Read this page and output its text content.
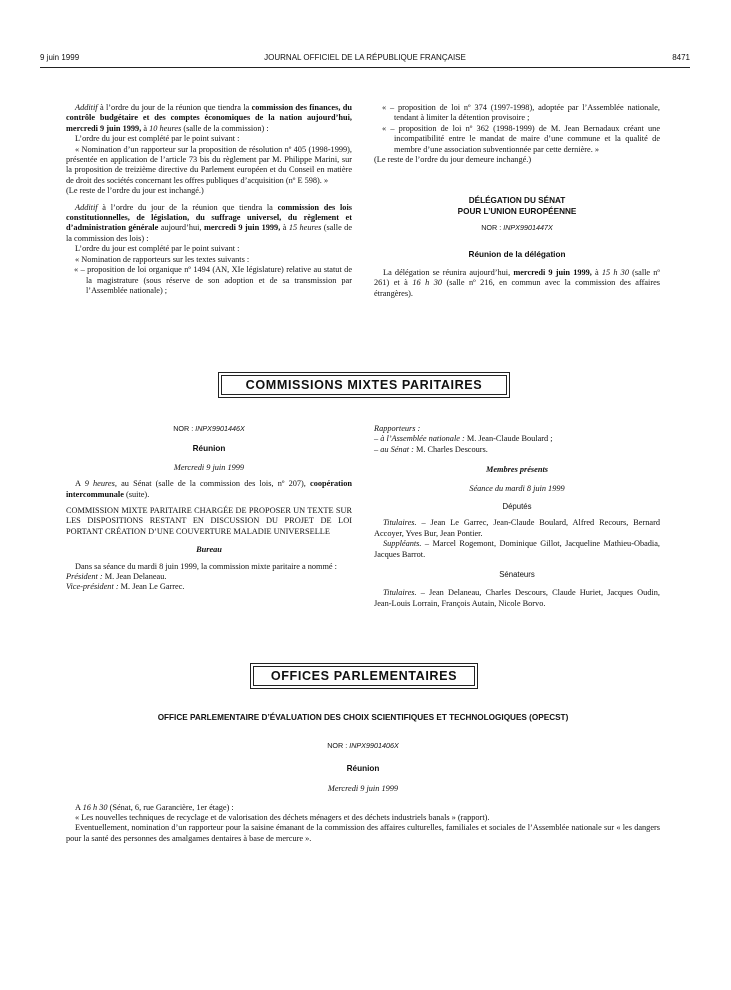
9 juin 1999	JOURNAL OFFICIEL DE LA RÉPUBLIQUE FRANÇAISE	8471

Additif à l’ordre du jour de la réunion que tiendra la commission des finances, du contrôle budgétaire et des comptes économiques de la nation aujourd’hui, mercredi 9 juin 1999, à 10 heures (salle de la commission) :

L’ordre du jour est complété par le point suivant :

« Nomination d’un rapporteur sur la proposition de résolution nº 405 (1998-1999), présentée en application de l’article 73 bis du règlement par M. Philippe Marini, sur la proposition de treizième directive du Parlement européen et du Conseil en matière de droit des sociétés concernant les offres publiques d’acquisition (nº E 598). »

(Le reste de l’ordre du jour est inchangé.)

Additif à l’ordre du jour de la réunion que tiendra la commission des lois constitutionnelles, de législation, du suffrage universel, du règlement et d’administration générale aujourd’hui, mercredi 9 juin 1999, à 15 heures (salle de la commission des lois) :

L’ordre du jour est complété par le point suivant :

« Nomination de rapporteurs sur les textes suivants :

« – proposition de loi organique nº 1494 (AN, XIe législature) relative au statut de la magistrature (sous réserve de son adoption et de sa transmission par l’Assemblée nationale) ;

« – proposition de loi nº 374 (1997-1998), adoptée par l’Assemblée nationale, tendant à limiter la détention provisoire ;

« – proposition de loi nº 362 (1998-1999) de M. Jean Bernadaux créant une incompatibilité entre le mandat de maire d’une commune et la qualité de membre d’une association subventionnée par cette dernière. »

(Le reste de l’ordre du jour demeure inchangé.)

DÉLÉGATION DU SÉNAT
POUR L’UNION EUROPÉENNE
NOR : INPX9901447X
Réunion de la délégation

La délégation se réunira aujourd’hui, mercredi 9 juin 1999, à 15 h 30 (salle nº 261) et à 16 h 30 (salle nº 216, en commun avec la commission des affaires étrangères).

COMMISSIONS MIXTES PARITAIRES
NOR : INPX9901446X
Réunion

Mercredi 9 juin 1999

A 9 heures, au Sénat (salle de la commission des lois, nº 207), coopération intercommunale (suite).

COMMISSION MIXTE PARITAIRE CHARGÉE DE PROPOSER UN TEXTE SUR LES DISPOSITIONS RESTANT EN DISCUSSION DU PROJET DE LOI PORTANT CRÉATION D’UNE COUVERTURE MALADIE UNIVERSELLE

Bureau

Dans sa séance du mardi 8 juin 1999, la commission mixte paritaire a nommé :

Président : M. Jean Delaneau.

Vice-président : M. Jean Le Garrec.

Rapporteurs :

– à l’Assemblée nationale : M. Jean-Claude Boulard ;

– au Sénat : M. Charles Descours.

Membres présents

Séance du mardi 8 juin 1999

Députés

Titulaires. – Jean Le Garrec, Jean-Claude Boulard, Alfred Recours, Bernard Accoyer, Yves Bur, Jean Pontier.

Suppléants. – Marcel Rogemont, Dominique Gillot, Jacqueline Mathieu-Obadia, Jacques Barrot.

Sénateurs

Titulaires. – Jean Delaneau, Charles Descours, Claude Huriet, Jacques Oudin, Jean-Louis Lorrain, François Autain, Nicole Borvo.

OFFICES PARLEMENTAIRES
OFFICE PARLEMENTAIRE D’ÉVALUATION DES CHOIX SCIENTIFIQUES ET TECHNOLOGIQUES (OPECST)
NOR : INPX9901406X
Réunion

Mercredi 9 juin 1999

A 16 h 30 (Sénat, 6, rue Garancière, 1er étage) :

« Les nouvelles techniques de recyclage et de valorisation des déchets ménagers et des déchets industriels banals » (rapport).

Eventuellement, nomination d’un rapporteur pour la saisine émanant de la commission des affaires culturelles, familiales et sociales de l’Assemblée nationale sur « les dangers pour la santé des personnes des amalgames dentaires à base de mercure ».
